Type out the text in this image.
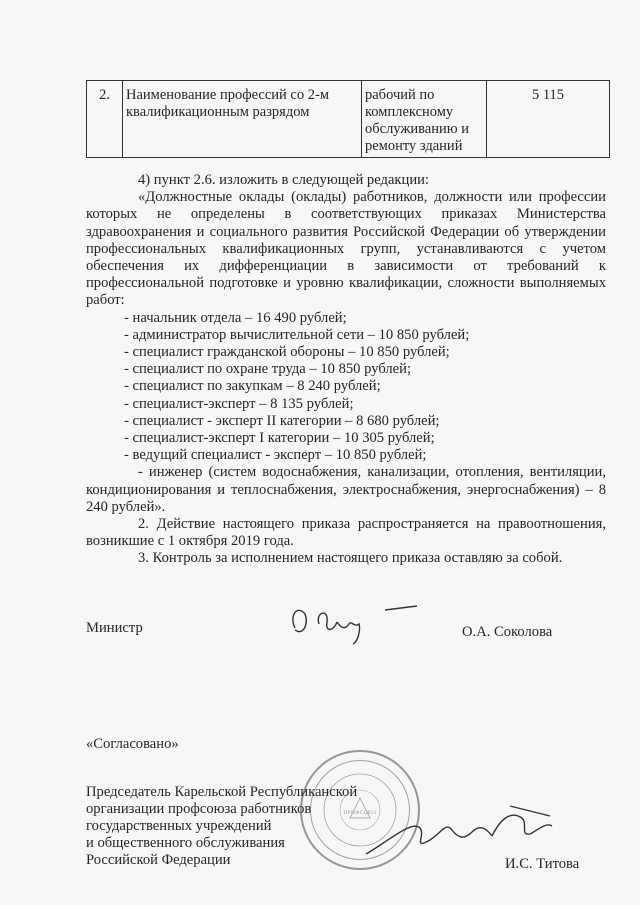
2.	Наименование профессий со 2-м квалификационным разрядом	рабочий по комплексному обслуживанию и ремонту зданий	5 115

4) пункт 2.6. изложить в следующей редакции:

«Должностные оклады (оклады) работников, должности или профессии которых не определены в соответствующих приказах Министерства здравоохранения и социального развития Российской Федерации об утверждении профессиональных квалификационных групп, устанавливаются с учетом обеспечения их дифференциации в зависимости от требований к профессиональной подготовке и уровню квалификации, сложности выполняемых работ:

- начальник отдела – 16 490 рублей;
- администратор вычислительной сети – 10 850 рублей;
- специалист гражданской обороны – 10 850 рублей;
- специалист по охране труда – 10 850 рублей;
- специалист по закупкам – 8 240 рублей;
- специалист-эксперт – 8 135 рублей;
- специалист - эксперт II категории – 8 680 рублей;
- специалист-эксперт I категории – 10 305 рублей;
- ведущий специалист - эксперт – 10 850 рублей;

- инженер (систем водоснабжения, канализации, отопления, вентиляции, кондиционирования и теплоснабжения, электроснабжения, энергоснабжения) – 8 240 рублей».

2. Действие настоящего приказа распространяется на правоотношения, возникшие с 1 октября 2019 года.

3. Контроль за исполнением настоящего приказа оставляю за собой.

Министр	О.А. Соколова
«Согласовано»
ПРОФСОЮЗ
Председатель Карельской Республиканской
организации профсоюза работников
государственных учреждений
и общественного обслуживания
Российской Федерации	И.С. Титова
